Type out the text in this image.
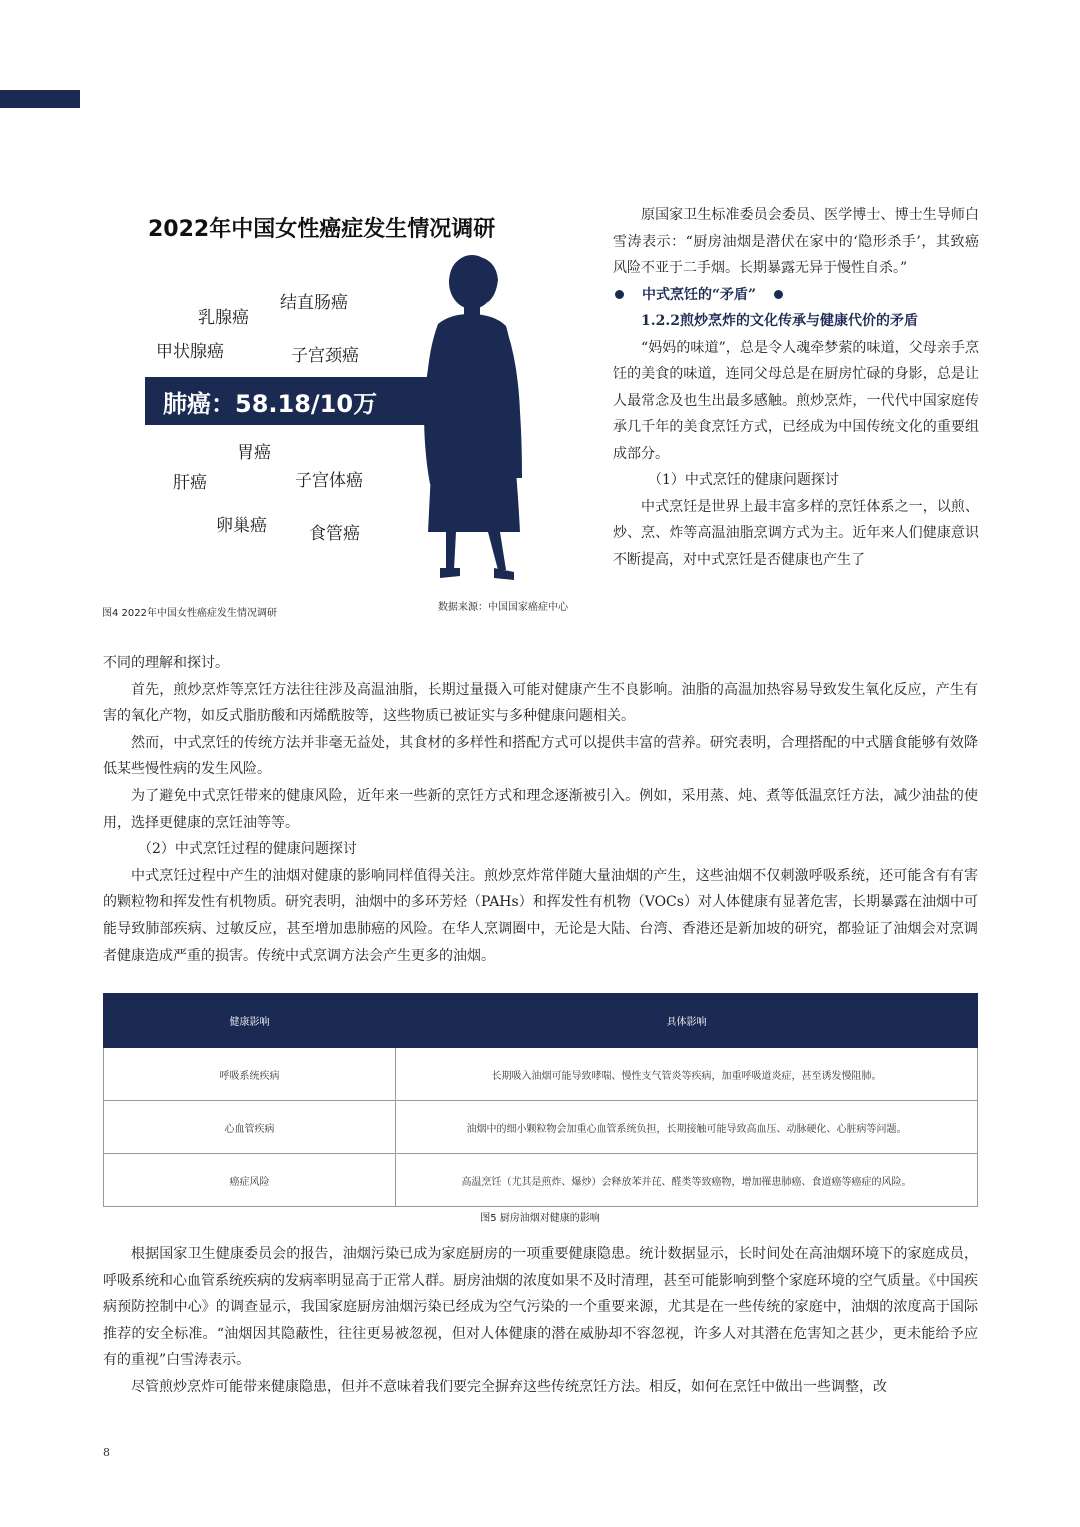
2022年中国女性癌症发生情况调研
结直肠癌
乳腺癌
甲状腺癌	子宫颈癌
肺癌：58.18/10万
胃癌
肝癌	子宫体癌
卵巢癌 食管癌
图4 2022年中国女性癌症发生情况调研
数据来源：中国国家癌症中心

原国家卫生标准委员会委员、医学博士、博士生导师白雪涛表示：“厨房油烟是潜伏在家中的‘隐形杀手’，其致癌风险不亚于二手烟。长期暴露无异于慢性自杀。”

中式烹饪的“矛盾”

1.2.2煎炒烹炸的文化传承与健康代价的矛盾

“妈妈的味道”，总是令人魂牵梦萦的味道，父母亲手烹饪的美食的味道，连同父母总是在厨房忙碌的身影，总是让人最常念及也生出最多感触。煎炒烹炸，一代代中国家庭传承几千年的美食烹饪方式，已经成为中国传统文化的重要组成部分。

（1）中式烹饪的健康问题探讨

中式烹饪是世界上最丰富多样的烹饪体系之一，以煎、炒、烹、炸等高温油脂烹调方式为主。近年来人们健康意识不断提高，对中式烹饪是否健康也产生了

不同的理解和探讨。

首先，煎炒烹炸等烹饪方法往往涉及高温油脂，长期过量摄入可能对健康产生不良影响。油脂的高温加热容易导致发生氧化反应，产生有害的氧化产物，如反式脂肪酸和丙烯酰胺等，这些物质已被证实与多种健康问题相关。

然而，中式烹饪的传统方法并非毫无益处，其食材的多样性和搭配方式可以提供丰富的营养。研究表明，合理搭配的中式膳食能够有效降低某些慢性病的发生风险。

为了避免中式烹饪带来的健康风险，近年来一些新的烹饪方式和理念逐渐被引入。例如，采用蒸、炖、煮等低温烹饪方法，减少油盐的使用，选择更健康的烹饪油等等。

（2）中式烹饪过程的健康问题探讨

中式烹饪过程中产生的油烟对健康的影响同样值得关注。煎炒烹炸常伴随大量油烟的产生，这些油烟不仅刺激呼吸系统，还可能含有有害的颗粒物和挥发性有机物质。研究表明，油烟中的多环芳烃（PAHs）和挥发性有机物（VOCs）对人体健康有显著危害，长期暴露在油烟中可能导致肺部疾病、过敏反应，甚至增加患肺癌的风险。在华人烹调圈中，无论是大陆、台湾、香港还是新加坡的研究，都验证了油烟会对烹调者健康造成严重的损害。传统中式烹调方法会产生更多的油烟。

健康影响	具体影响
呼吸系统疾病	长期吸入油烟可能导致哮喘、慢性支气管炎等疾病，加重呼吸道炎症，甚至诱发慢阻肺。
心血管疾病	油烟中的细小颗粒物会加重心血管系统负担，长期接触可能导致高血压、动脉硬化、心脏病等问题。
癌症风险	高温烹饪（尤其是煎炸、爆炒）会释放苯并芘、醛类等致癌物，增加罹患肺癌、食道癌等癌症的风险。
图5 厨房油烟对健康的影响

根据国家卫生健康委员会的报告，油烟污染已成为家庭厨房的一项重要健康隐患。统计数据显示，长时间处在高油烟环境下的家庭成员，呼吸系统和心血管系统疾病的发病率明显高于正常人群。厨房油烟的浓度如果不及时清理，甚至可能影响到整个家庭环境的空气质量。《中国疾病预防控制中心》的调查显示，我国家庭厨房油烟污染已经成为空气污染的一个重要来源，尤其是在一些传统的家庭中，油烟的浓度高于国际推荐的安全标准。“油烟因其隐蔽性，往往更易被忽视，但对人体健康的潜在威胁却不容忽视，许多人对其潜在危害知之甚少，更未能给予应有的重视”白雪涛表示。

尽管煎炒烹炸可能带来健康隐患，但并不意味着我们要完全摒弃这些传统烹饪方法。相反，如何在烹饪中做出一些调整，改

8
